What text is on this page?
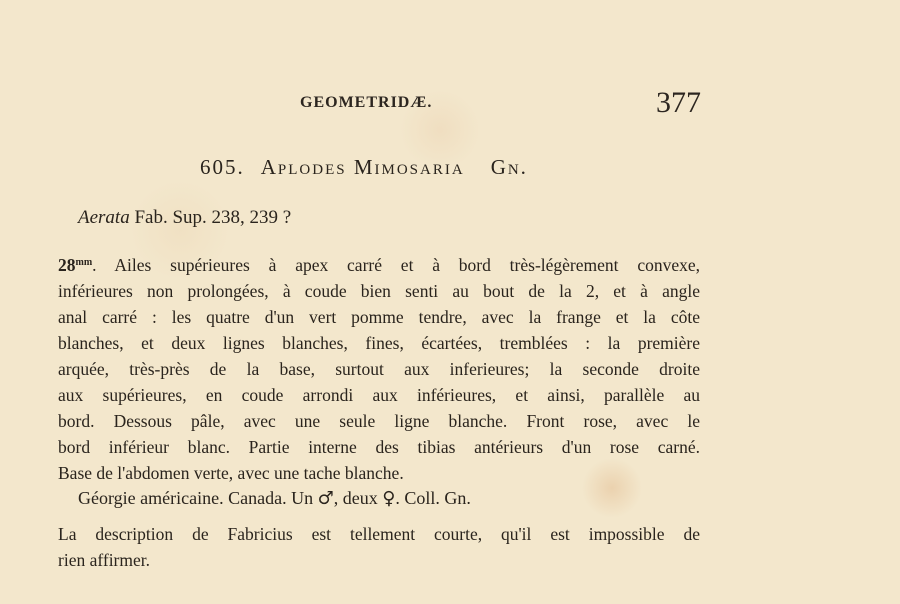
GEOMETRIDÆ.	377
605. Aplodes Mimosaria Gn.
Aerata Fab. Sup. 238, 239 ?
$28^{mm}$. Ailes supérieures à apex carré et à bord très-légèrement convexe,
inférieures non prolongées, à coude bien senti au bout de la 2, et à angle
anal carré : les quatre d'un vert pomme tendre, avec la frange et la côte
blanches, et deux lignes blanches, fines, écartées, tremblées : la première
arquée, très-près de la base, surtout aux inferieures; la seconde droite
aux supérieures, en coude arrondi aux inférieures, et ainsi, parallèle au
bord. Dessous pâle, avec une seule ligne blanche. Front rose, avec le
bord inférieur blanc. Partie interne des tibias antérieurs d'un rose carné.
Base de l'abdomen verte, avec une tache blanche.
Géorgie américaine. Canada. Un ♂, deux ♀. Coll. Gn.
La description de Fabricius est tellement courte, qu'il est impossible de
rien affirmer.
